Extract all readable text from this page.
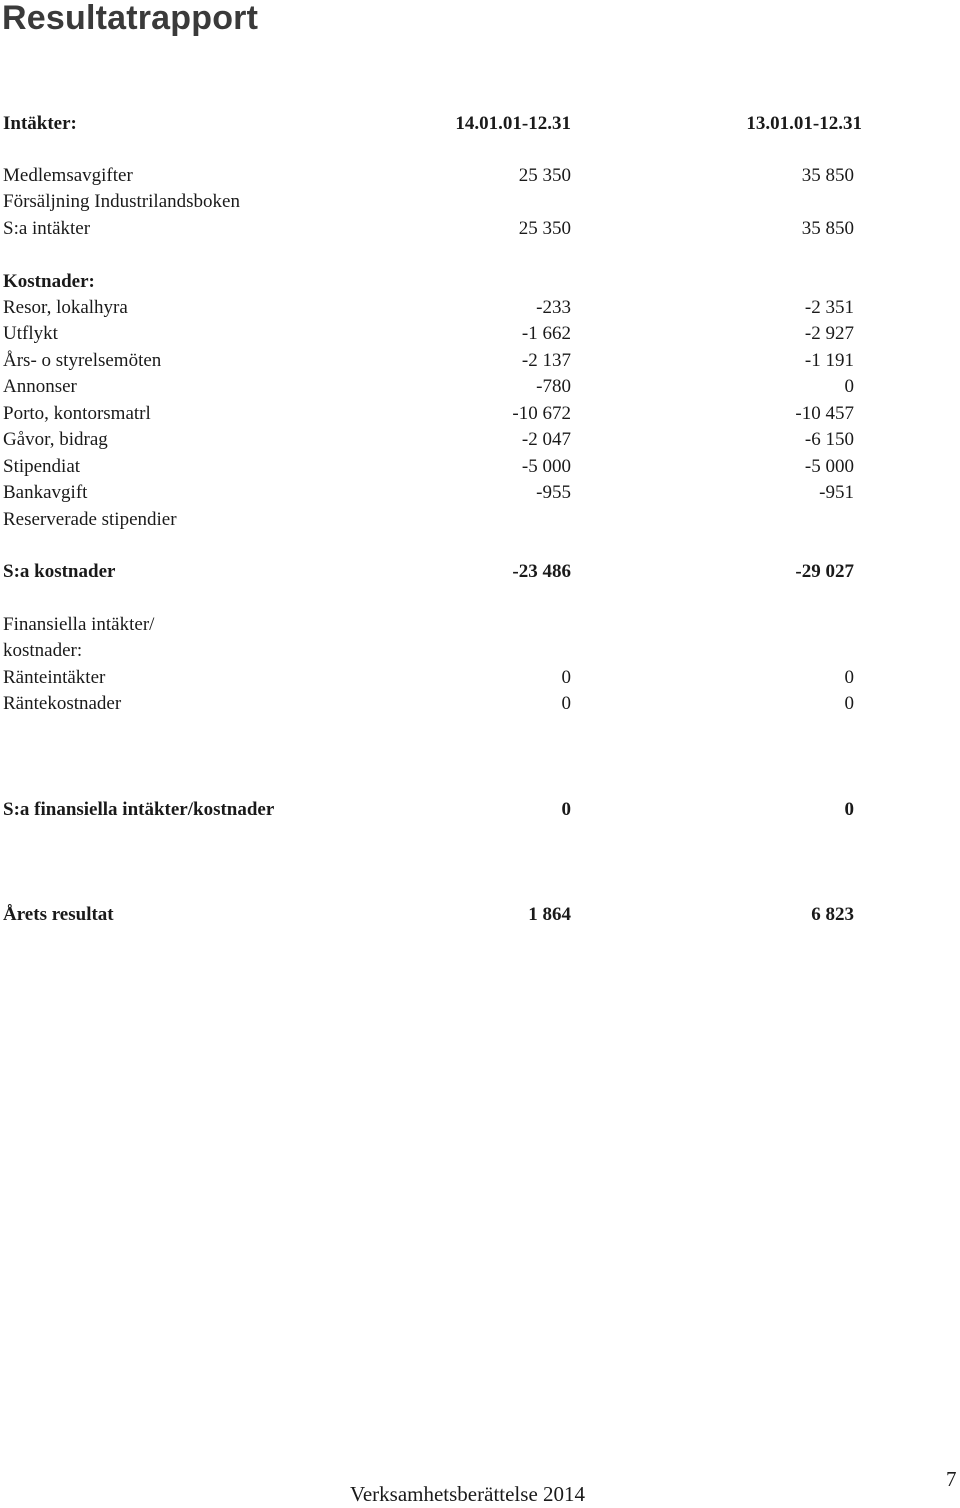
Resultatrapport
Intäkter:	14.01.01-12.31	13.01.01-12.31
Medlemsavgifter	25 350	35 850
Försäljning Industrilandsboken
S:a intäkter	25 350	35 850
Kostnader:
Resor, lokalhyra	-233	-2 351
Utflykt	-1 662	-2 927
Års- o styrelsemöten	-2 137	-1 191
Annonser	-780	0
Porto, kontorsmatrl	-10 672	-10 457
Gåvor, bidrag	-2 047	-6 150
Stipendiat	-5 000	-5 000
Bankavgift	-955	-951
Reserverade stipendier
S:a kostnader	-23 486	-29 027
Finansiella intäkter/
kostnader:
Ränteintäkter	0	0
Räntekostnader	0	0
S:a finansiella intäkter/kostnader	0	0
Årets resultat	1 864	6 823
Verksamhetsberättelse 2014
7
